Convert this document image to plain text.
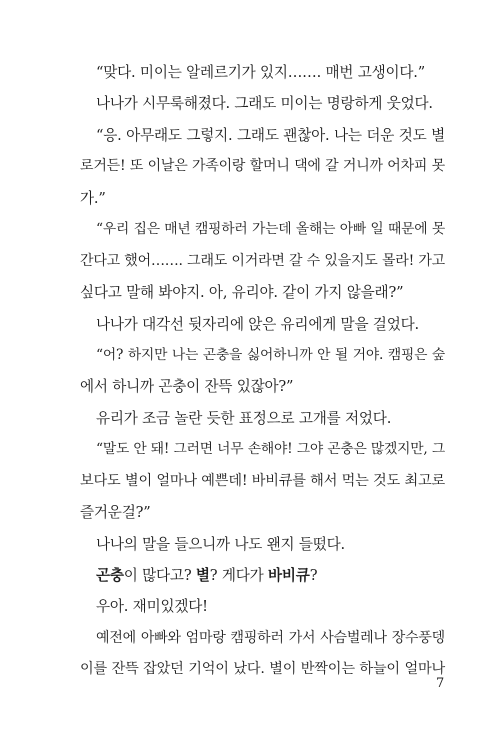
“맞다. 미이는 알레르기가 있지……. 매번 고생이다.”
나나가 시무룩해졌다. 그래도 미이는 명랑하게 웃었다.
“응. 아무래도 그렇지. 그래도 괜찮아. 나는 더운 것도 별
로거든! 또 이날은 가족이랑 할머니 댁에 갈 거니까 어차피 못
가.”
“우리 집은 매년 캠핑하러 가는데 올해는 아빠 일 때문에 못
간다고 했어……. 그래도 이거라면 갈 수 있을지도 몰라! 가고
싶다고 말해 봐야지. 아, 유리야. 같이 가지 않을래?”
나나가 대각선 뒷자리에 앉은 유리에게 말을 걸었다.
“어? 하지만 나는 곤충을 싫어하니까 안 될 거야. 캠핑은 숲
에서 하니까 곤충이 잔뜩 있잖아?”
유리가 조금 놀란 듯한 표정으로 고개를 저었다.
“말도 안 돼! 그러면 너무 손해야! 그야 곤충은 많겠지만, 그
보다도 별이 얼마나 예쁜데! 바비큐를 해서 먹는 것도 최고로
즐거운걸?”
나나의 말을 들으니까 나도 왠지 들떴다.
곤충이 많다고? 별? 게다가 바비큐?
우아. 재미있겠다!
예전에 아빠와 엄마랑 캠핑하러 가서 사슴벌레나 장수풍뎅
이를 잔뜩 잡았던 기억이 났다. 별이 반짝이는 하늘이 얼마나
7
